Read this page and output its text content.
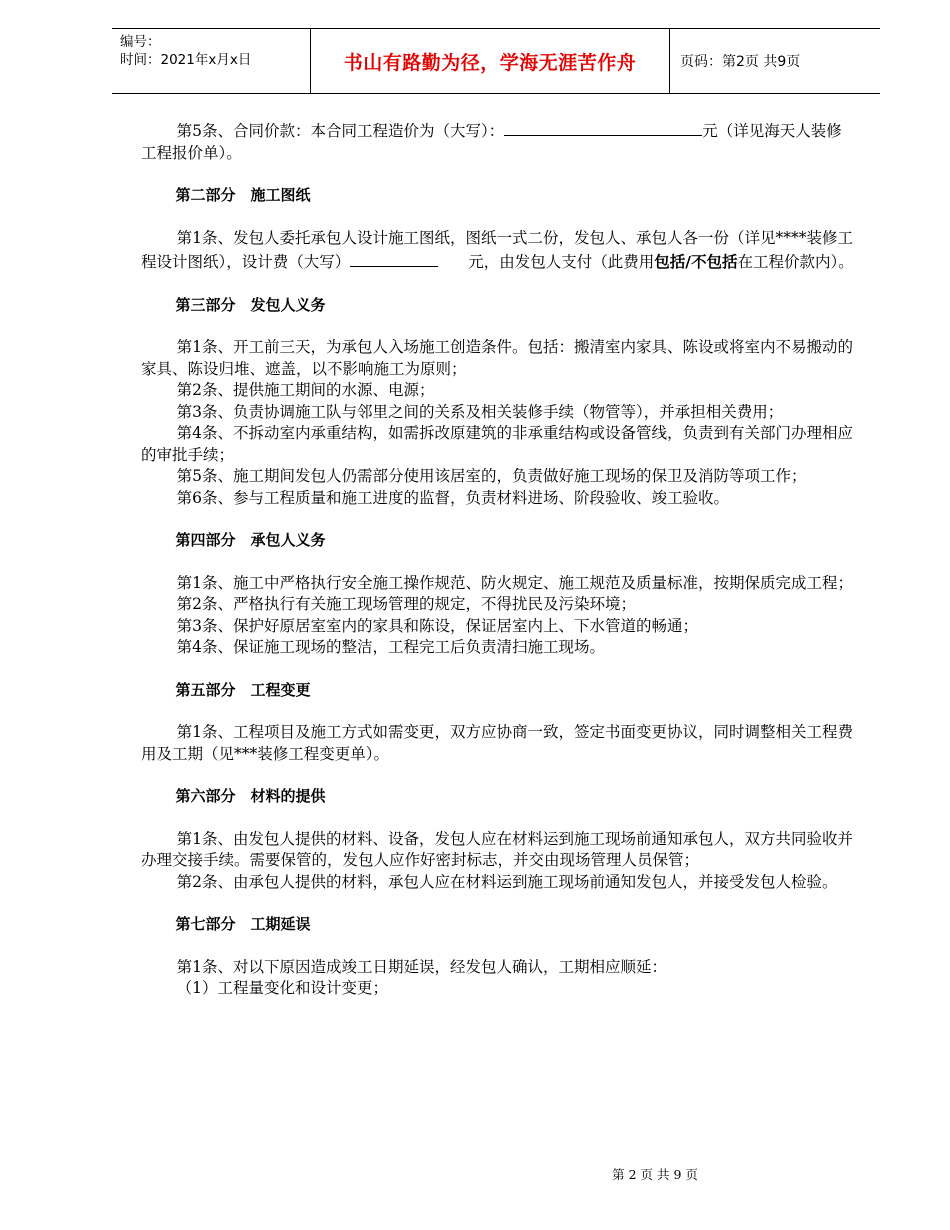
编号：
时间：2021年x月x日	书山有路勤为径，学海无涯苦作舟	页码：第2页 共9页

第5条、合同价款：本合同工程造价为（大写）：	元（详见海天人装修工程报价单）。

第二部分　施工图纸

第1条、发包人委托承包人设计施工图纸，图纸一式二份，发包人、承包人各一份（详见****装修工程设计图纸），设计费（大写）	元，由发包人支付（此费用包括/不包括在工程价款内）。

第三部分　发包人义务

第1条、开工前三天，为承包人入场施工创造条件。包括：搬清室内家具、陈设或将室内不易搬动的家具、陈设归堆、遮盖，以不影响施工为原则；

第2条、提供施工期间的水源、电源；

第3条、负责协调施工队与邻里之间的关系及相关装修手续（物管等），并承担相关费用；

第4条、不拆动室内承重结构，如需拆改原建筑的非承重结构或设备管线，负责到有关部门办理相应的审批手续；

第5条、施工期间发包人仍需部分使用该居室的，负责做好施工现场的保卫及消防等项工作；

第6条、参与工程质量和施工进度的监督，负责材料进场、阶段验收、竣工验收。

第四部分　承包人义务

第1条、施工中严格执行安全施工操作规范、防火规定、施工规范及质量标准，按期保质完成工程；

第2条、严格执行有关施工现场管理的规定，不得扰民及污染环境；

第3条、保护好原居室室内的家具和陈设，保证居室内上、下水管道的畅通；

第4条、保证施工现场的整洁，工程完工后负责清扫施工现场。

第五部分　工程变更

第1条、工程项目及施工方式如需变更，双方应协商一致，签定书面变更协议，同时调整相关工程费用及工期（见***装修工程变更单）。

第六部分　材料的提供

第1条、由发包人提供的材料、设备，发包人应在材料运到施工现场前通知承包人，双方共同验收并办理交接手续。需要保管的，发包人应作好密封标志，并交由现场管理人员保管；

第2条、由承包人提供的材料，承包人应在材料运到施工现场前通知发包人，并接受发包人检验。

第七部分　工期延误

第1条、对以下原因造成竣工日期延误，经发包人确认，工期相应顺延：

（1）工程量变化和设计变更；

第 2 页 共 9 页
